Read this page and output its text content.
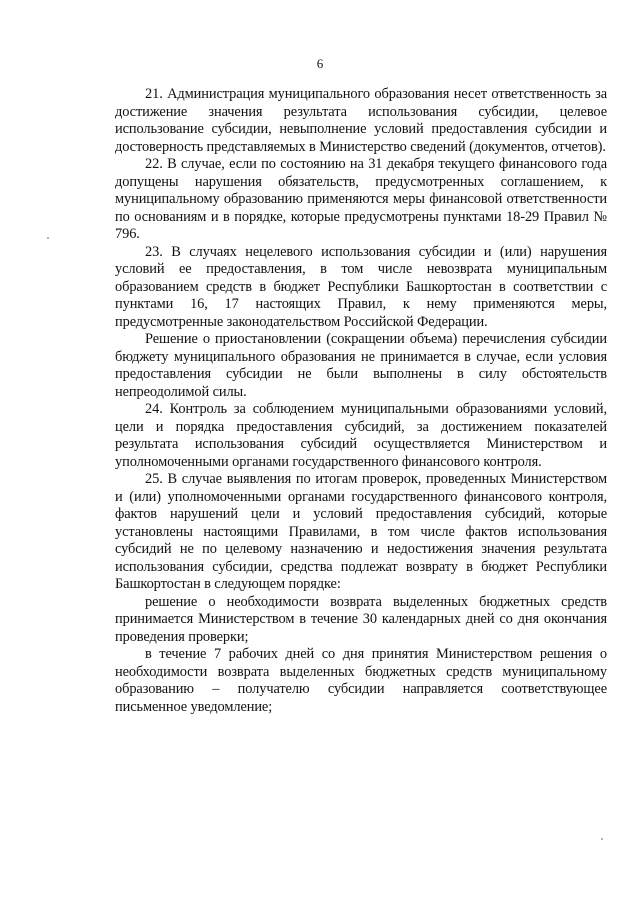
6

21. Администрация муниципального образования несет ответственность за достижение значения результата использования субсидии, целевое использование субсидии, невыполнение условий предоставления субсидии и достоверность представляемых в Министерство сведений (документов, отчетов).

22. В случае, если по состоянию на 31 декабря текущего финансового года допущены нарушения обязательств, предусмотренных соглашением, к муниципальному образованию применяются меры финансовой ответственности по основаниям и в порядке, которые предусмотрены пунктами 18-29 Правил № 796.

23. В случаях нецелевого использования субсидии и (или) нарушения условий ее предоставления, в том числе невозврата муниципальным образованием средств в бюджет Республики Башкортостан в соответствии с пунктами 16, 17 настоящих Правил, к нему применяются меры, предусмотренные законодательством Российской Федерации.

Решение о приостановлении (сокращении объема) перечисления субсидии бюджету муниципального образования не принимается в случае, если условия предоставления субсидии не были выполнены в силу обстоятельств непреодолимой силы.

24. Контроль за соблюдением муниципальными образованиями условий, цели и порядка предоставления субсидий, за достижением показателей результата использования субсидий осуществляется Министерством и уполномоченными органами государственного финансового контроля.

25. В случае выявления по итогам проверок, проведенных Министерством и (или) уполномоченными органами государственного финансового контроля, фактов нарушений цели и условий предоставления субсидий, которые установлены настоящими Правилами, в том числе фактов использования субсидий не по целевому назначению и недостижения значения результата использования субсидии, средства подлежат возврату в бюджет Республики Башкортостан в следующем порядке:

решение о необходимости возврата выделенных бюджетных средств принимается Министерством в течение 30 календарных дней со дня окончания проведения проверки;

в течение 7 рабочих дней со дня принятия Министерством решения о необходимости возврата выделенных бюджетных средств муниципальному образованию – получателю субсидии направляется соответствующее письменное уведомление;
